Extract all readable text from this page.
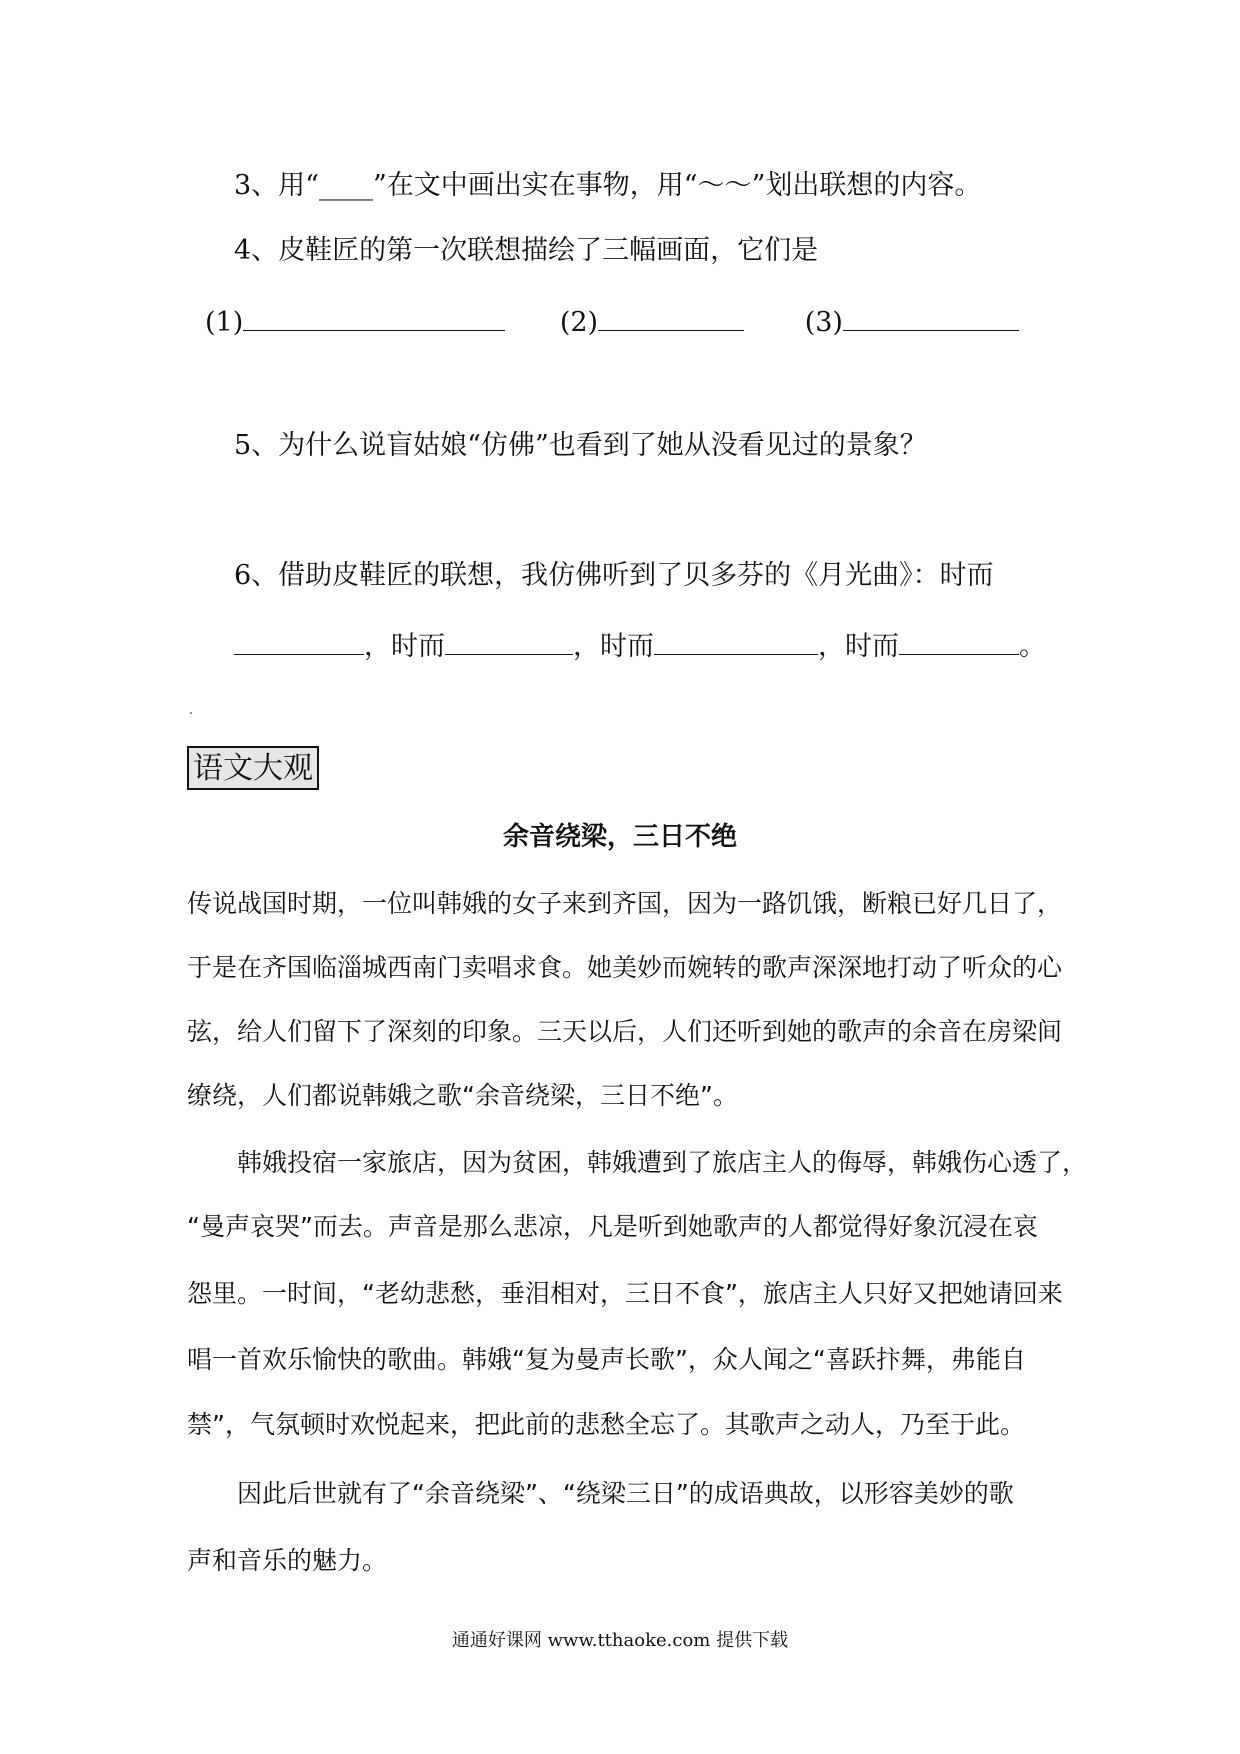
3、用“____”在文中画出实在事物，用“～～”划出联想的内容。
4、皮鞋匠的第一次联想描绘了三幅画面，它们是
(1)	(2)	(3)
5、为什么说盲姑娘“仿佛”也看到了她从没看见过的景象？
6、借助皮鞋匠的联想，我仿佛听到了贝多芬的《月光曲》：时而
，时而	，时而	，时而	。
语文大观
余音绕梁，三日不绝
传说战国时期，一位叫韩娥的女子来到齐国，因为一路饥饿，断粮已好几日了，
于是在齐国临淄城西南门卖唱求食。她美妙而婉转的歌声深深地打动了听众的心
弦，给人们留下了深刻的印象。三天以后，人们还听到她的歌声的余音在房梁间
缭绕，人们都说韩娥之歌“余音绕梁，三日不绝”。
韩娥投宿一家旅店，因为贫困，韩娥遭到了旅店主人的侮辱，韩娥伤心透了，
“曼声哀哭”而去。声音是那么悲凉，凡是听到她歌声的人都觉得好象沉浸在哀
怨里。一时间，“老幼悲愁，垂泪相对，三日不食”，旅店主人只好又把她请回来
唱一首欢乐愉快的歌曲。韩娥“复为曼声长歌”，众人闻之“喜跃抃舞，弗能自
禁”，气氛顿时欢悦起来，把此前的悲愁全忘了。其歌声之动人，乃至于此。
因此后世就有了“余音绕梁”、“绕梁三日”的成语典故，以形容美妙的歌
声和音乐的魅力。
通通好课网 www.tthaoke.com 提供下载
